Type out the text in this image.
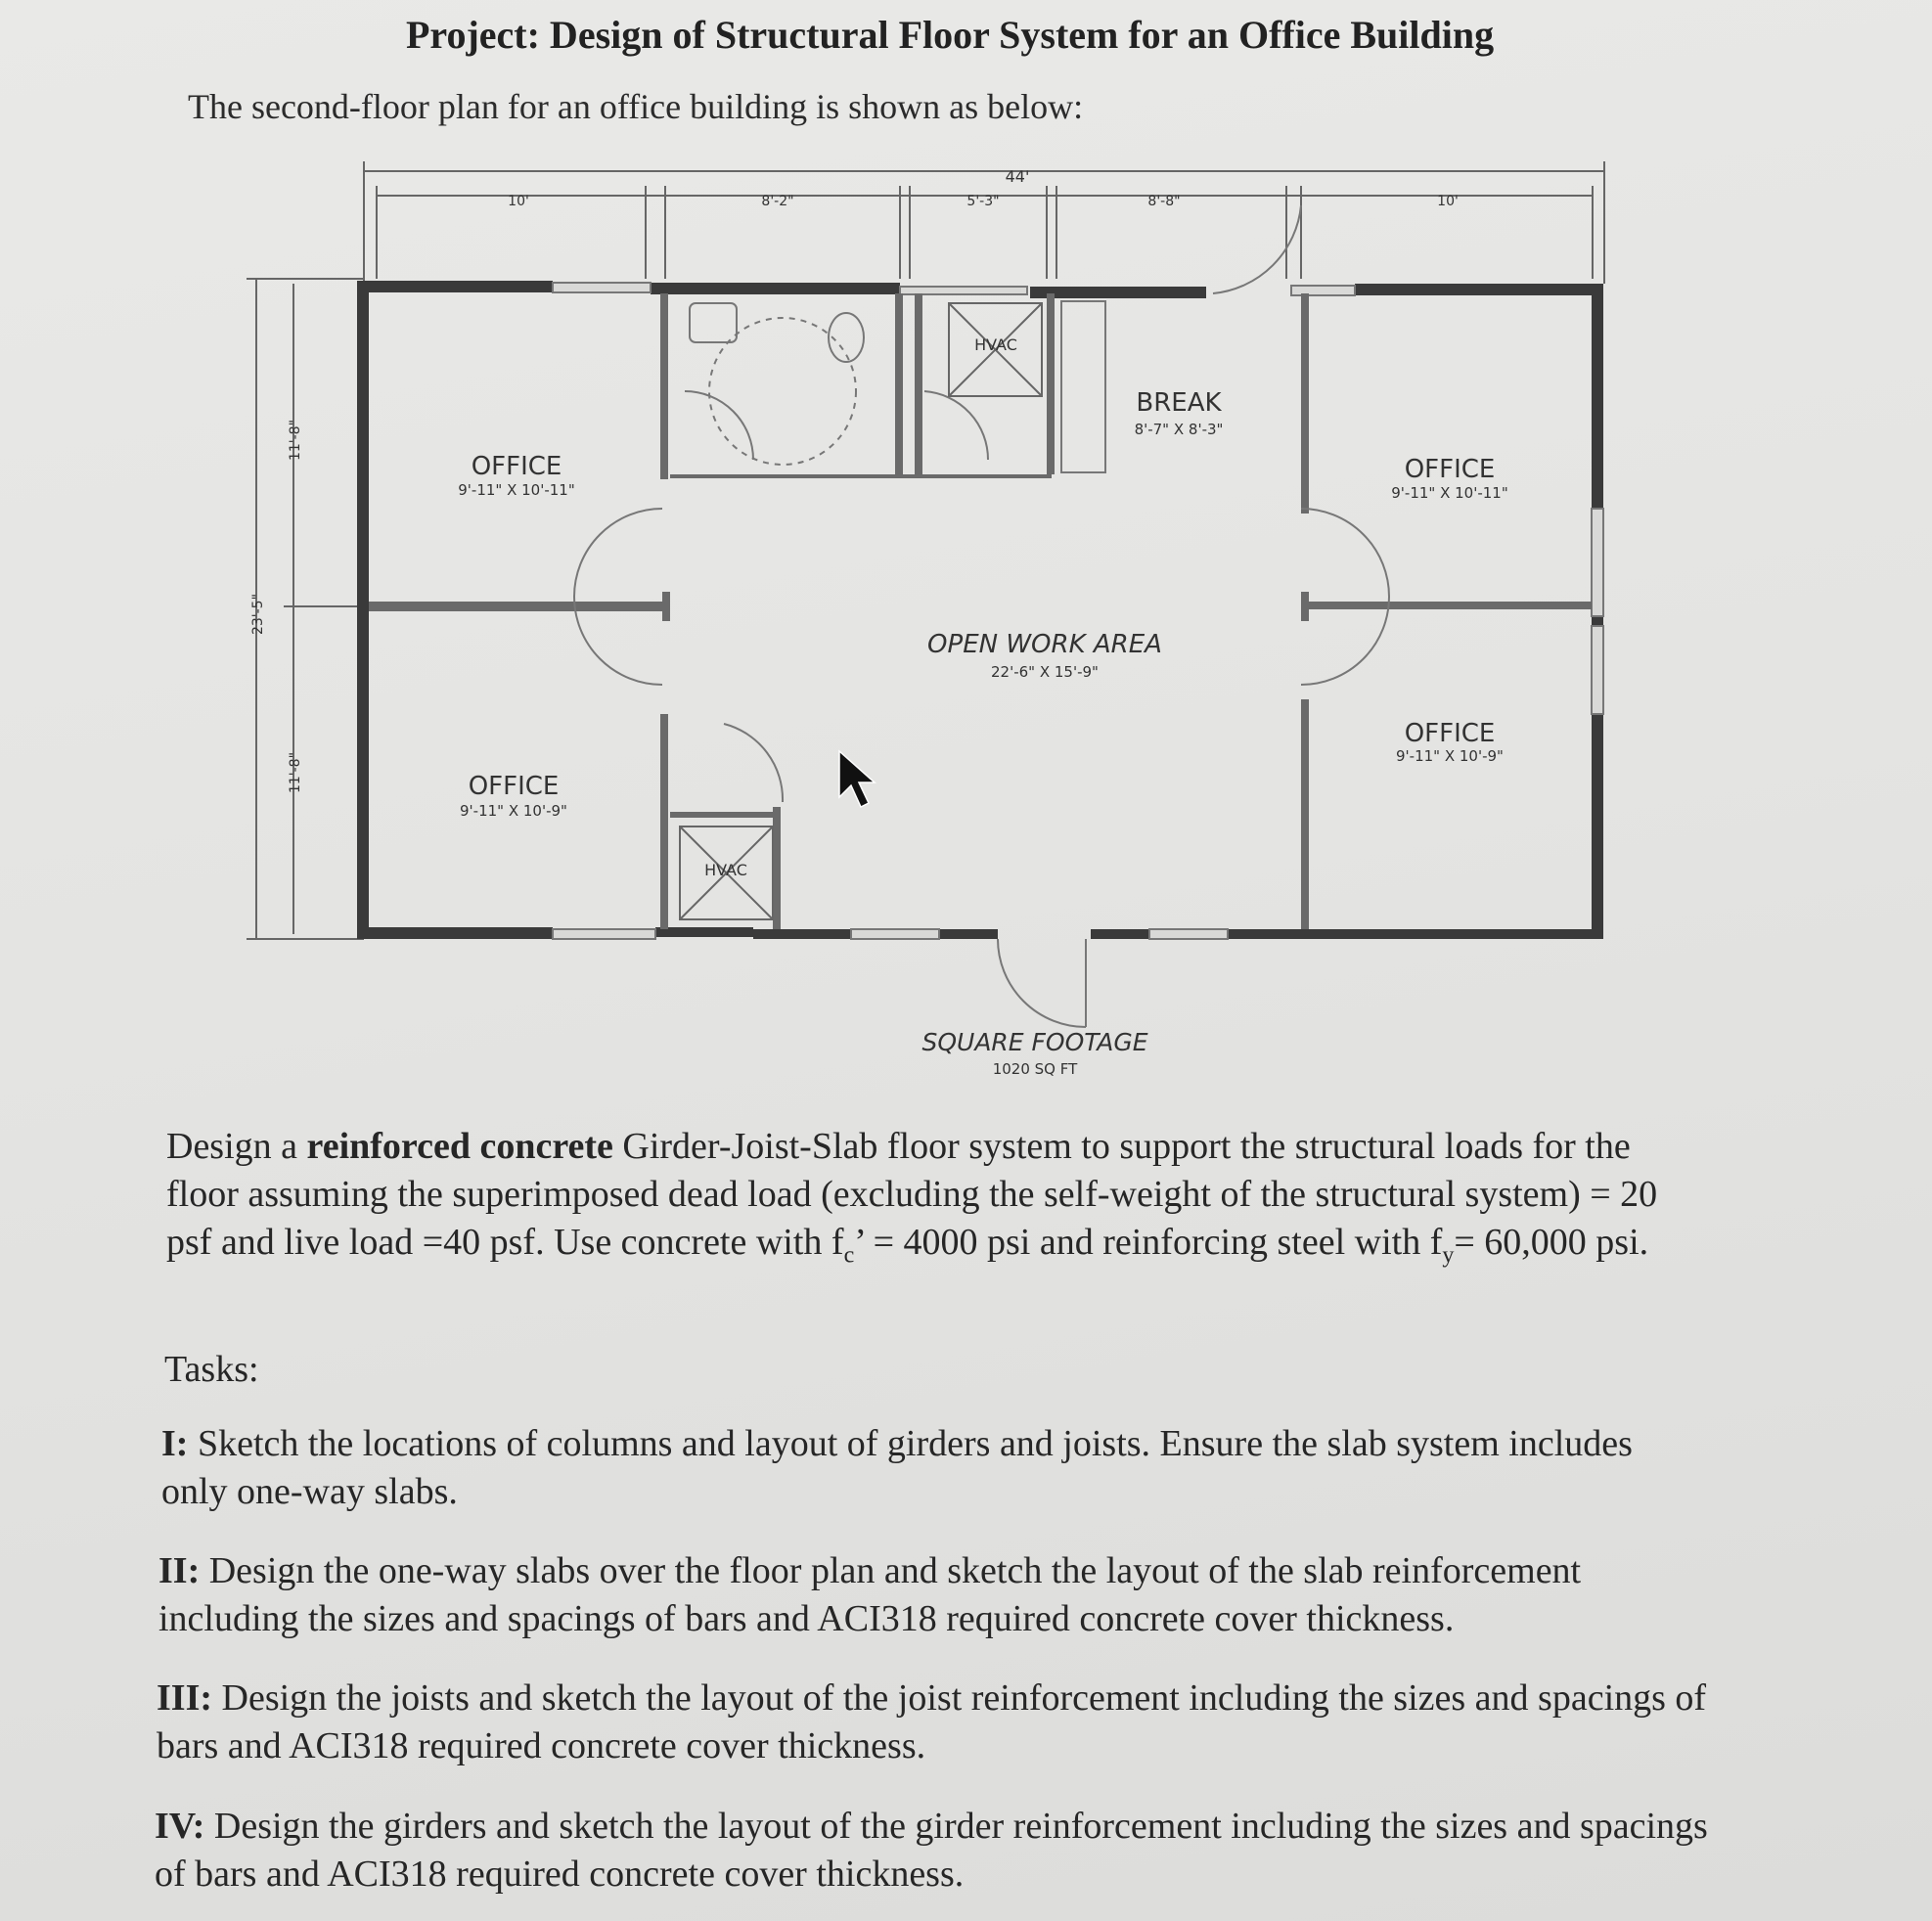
Project: Design of Structural Floor System for an Office Building
The second-floor plan for an office building is shown as below:
44'
10'	8'-2"	5'-3"	8'-8"	10'
23'-5"
11'-8"
11'-8"
HVAC
HVAC
OFFICE
9'-11" X 10'-11"
OFFICE
9'-11" X 10'-9"
OFFICE
9'-11" X 10'-11"
OFFICE
9'-11" X 10'-9"
BREAK
8'-7" X 8'-3"
OPEN WORK AREA
22'-6" X 15'-9"
SQUARE FOOTAGE
1020 SQ FT
Design a reinforced concrete Girder-Joist-Slab floor system to support the structural loads for the floor assuming the superimposed dead load (excluding the self-weight of the structural system) = 20 psf and live load =40 psf. Use concrete with $f_c$’ = 4000 psi and reinforcing steel with $f_y= 60,000$ psi.
Tasks:
I: Sketch the locations of columns and layout of girders and joists. Ensure the slab system includes only one-way slabs.
II: Design the one-way slabs over the floor plan and sketch the layout of the slab reinforcement including the sizes and spacings of bars and ACI318 required concrete cover thickness.
III: Design the joists and sketch the layout of the joist reinforcement including the sizes and spacings of bars and ACI318 required concrete cover thickness.
IV: Design the girders and sketch the layout of the girder reinforcement including the sizes and spacings of bars and ACI318 required concrete cover thickness.
